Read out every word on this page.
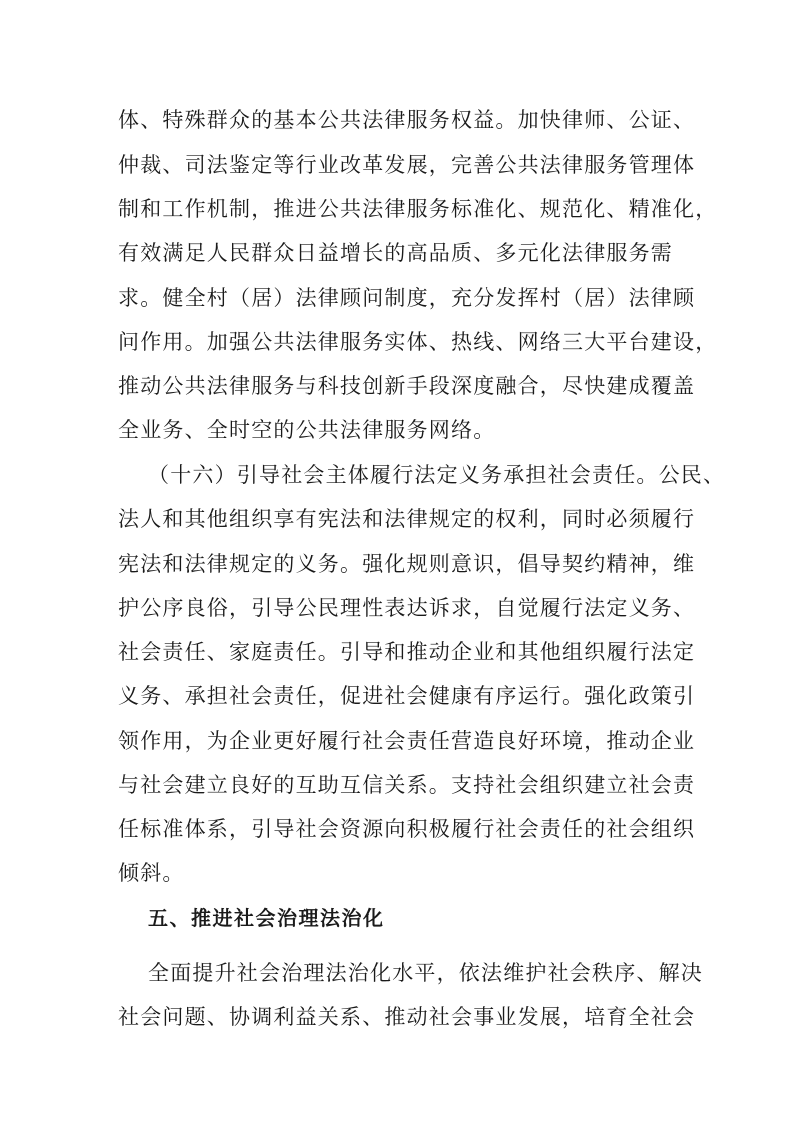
体、特殊群众的基本公共法律服务权益。加快律师、公证、
仲裁、司法鉴定等行业改革发展，完善公共法律服务管理体
制和工作机制，推进公共法律服务标准化、规范化、精准化，
有效满足人民群众日益增长的高品质、多元化法律服务需
求。健全村（居）法律顾问制度，充分发挥村（居）法律顾
问作用。加强公共法律服务实体、热线、网络三大平台建设，
推动公共法律服务与科技创新手段深度融合，尽快建成覆盖
全业务、全时空的公共法律服务网络。
（十六）引导社会主体履行法定义务承担社会责任。公民、
法人和其他组织享有宪法和法律规定的权利，同时必须履行
宪法和法律规定的义务。强化规则意识，倡导契约精神，维
护公序良俗，引导公民理性表达诉求，自觉履行法定义务、
社会责任、家庭责任。引导和推动企业和其他组织履行法定
义务、承担社会责任，促进社会健康有序运行。强化政策引
领作用，为企业更好履行社会责任营造良好环境，推动企业
与社会建立良好的互助互信关系。支持社会组织建立社会责
任标准体系，引导社会资源向积极履行社会责任的社会组织
倾斜。
五、推进社会治理法治化
全面提升社会治理法治化水平，依法维护社会秩序、解决
社会问题、协调利益关系、推动社会事业发展，培育全社会
